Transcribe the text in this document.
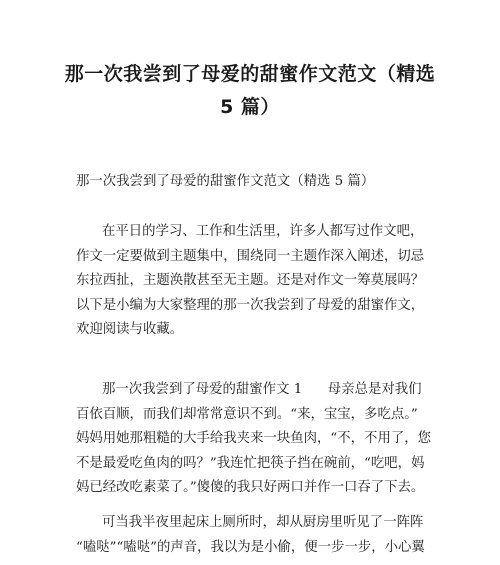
那一次我尝到了母爱的甜蜜作文范文（精选
5 篇）

那一次我尝到了母爱的甜蜜作文范文（精选 5 篇）

在平日的学习、工作和生活里，许多人都写过作文吧，
作文一定要做到主题集中，围绕同一主题作深入阐述，切忌
东拉西扯，主题涣散甚至无主题。还是对作文一筹莫展吗？
以下是小编为大家整理的那一次我尝到了母爱的甜蜜作文，
欢迎阅读与收藏。
那一次我尝到了母爱的甜蜜作文 1      母亲总是对我们
百依百顺，而我们却常常意识不到。“来，宝宝，多吃点。”
妈妈用她那粗糙的大手给我夹来一块鱼肉，“不，不用了，您
不是最爱吃鱼肉的吗？”我连忙把筷子挡在碗前，“吃吧，妈
妈已经改吃素菜了。”傻傻的我只好两口并作一口吞了下去。
可当我半夜里起床上厕所时，却从厨房里听见了一阵阵
“嗑哒”“嗑哒”的声音，我以为是小偷，便一步一步，小心翼
